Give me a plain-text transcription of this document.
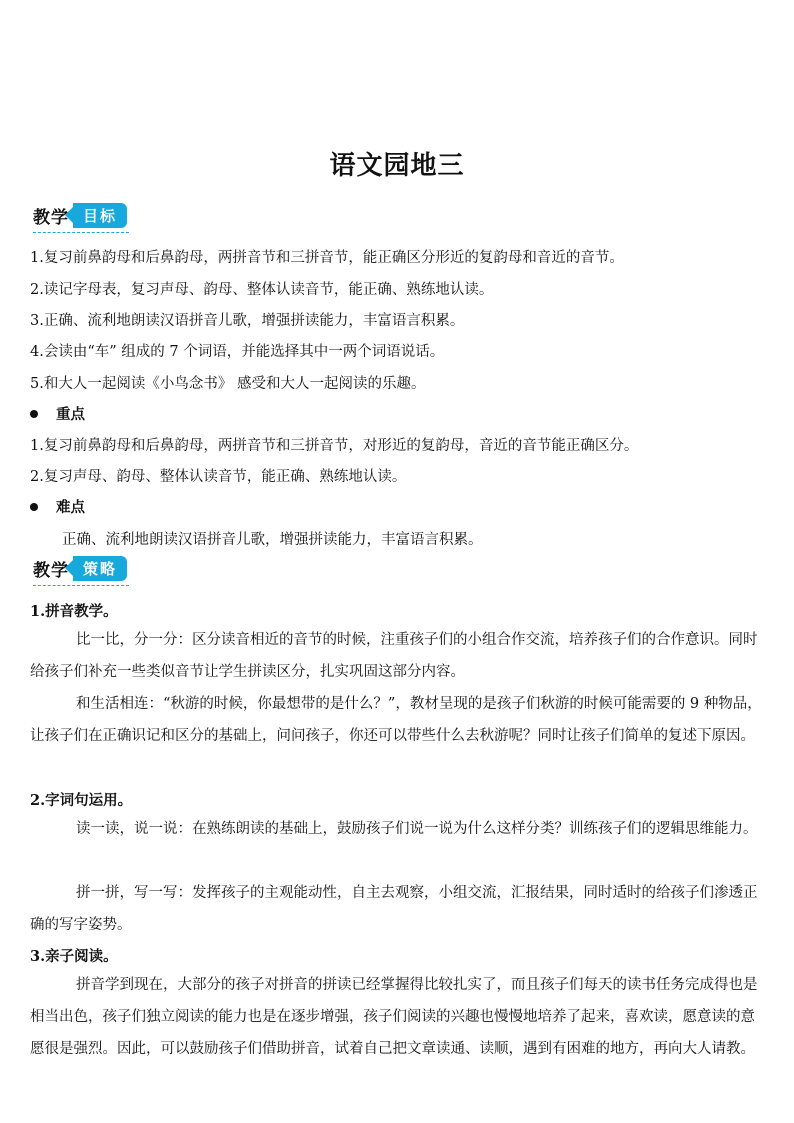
语文园地三
教学 目标
1.复习前鼻韵母和后鼻韵母，两拼音节和三拼音节，能正确区分形近的复韵母和音近的音节。
2.读记字母表，复习声母、韵母、整体认读音节，能正确、熟练地认读。
3.正确、流利地朗读汉语拼音儿歌，增强拼读能力，丰富语言积累。
4.会读由“车” 组成的 7 个词语，并能选择其中一两个词语说话。
5.和大人一起阅读《小鸟念书》 感受和大人一起阅读的乐趣。
重点
1.复习前鼻韵母和后鼻韵母，两拼音节和三拼音节，对形近的复韵母，音近的音节能正确区分。
2.复习声母、韵母、整体认读音节，能正确、熟练地认读。
难点
正确、流利地朗读汉语拼音儿歌，增强拼读能力，丰富语言积累。
教学 策略
1.拼音教学。
比一比，分一分：区分读音相近的音节的时候，注重孩子们的小组合作交流，培养孩子们的合作意识。同时给孩子们补充一些类似音节让学生拼读区分，扎实巩固这部分内容。
和生活相连：“秋游的时候，你最想带的是什么？”，教材呈现的是孩子们秋游的时候可能需要的 9 种物品，让孩子们在正确识记和区分的基础上，问问孩子，你还可以带些什么去秋游呢？同时让孩子们简单的复述下原因。
2.字词句运用。
读一读，说一说：在熟练朗读的基础上，鼓励孩子们说一说为什么这样分类？训练孩子们的逻辑思维能力。
拼一拼，写一写：发挥孩子的主观能动性，自主去观察，小组交流，汇报结果，同时适时的给孩子们渗透正确的写字姿势。
3.亲子阅读。
拼音学到现在，大部分的孩子对拼音的拼读已经掌握得比较扎实了，而且孩子们每天的读书任务完成得也是相当出色，孩子们独立阅读的能力也是在逐步增强，孩子们阅读的兴趣也慢慢地培养了起来，喜欢读，愿意读的意愿很是强烈。因此，可以鼓励孩子们借助拼音，试着自己把文章读通、读顺，遇到有困难的地方，再向大人请教。
